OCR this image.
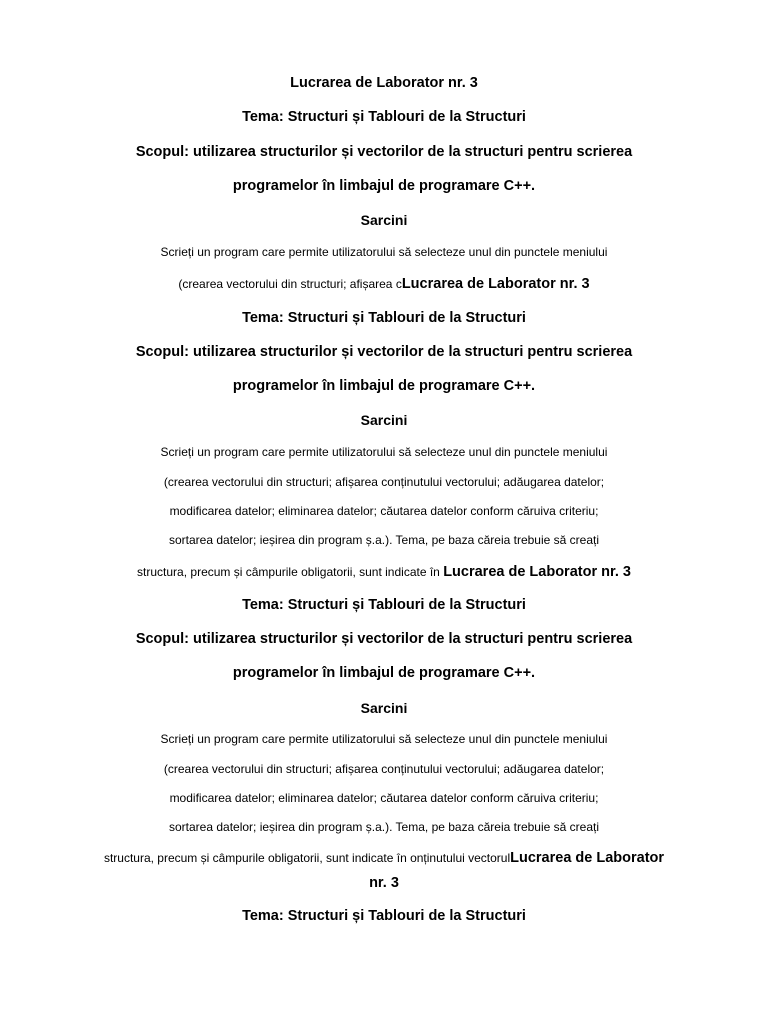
Lucrarea de Laborator nr. 3
Tema: Structuri și Tablouri de la Structuri
Scopul: utilizarea structurilor și vectorilor de la structuri pentru scrierea
programelor în limbajul de programare C++.
Sarcini
Scrieți un program care permite utilizatorului să selecteze unul din punctele meniului
(crearea vectorului din structuri; afișarea cLucrarea de Laborator nr. 3
Tema: Structuri și Tablouri de la Structuri
Scopul: utilizarea structurilor și vectorilor de la structuri pentru scrierea
programelor în limbajul de programare C++.
Sarcini
Scrieți un program care permite utilizatorului să selecteze unul din punctele meniului
(crearea vectorului din structuri; afișarea conținutului vectorului; adăugarea datelor;
modificarea datelor; eliminarea datelor; căutarea datelor conform căruiva criteriu;
sortarea datelor; ieșirea din program ș.a.). Tema, pe baza căreia trebuie să creați
structura, precum și câmpurile obligatorii, sunt indicate în Lucrarea de Laborator nr. 3
Tema: Structuri și Tablouri de la Structuri
Scopul: utilizarea structurilor și vectorilor de la structuri pentru scrierea
programelor în limbajul de programare C++.
Sarcini
Scrieți un program care permite utilizatorului să selecteze unul din punctele meniului
(crearea vectorului din structuri; afișarea conținutului vectorului; adăugarea datelor;
modificarea datelor; eliminarea datelor; căutarea datelor conform căruiva criteriu;
sortarea datelor; ieșirea din program ș.a.). Tema, pe baza căreia trebuie să creați
structura, precum și câmpurile obligatorii, sunt indicate în onținutului vectorulLucrarea de Laborator
nr. 3
Tema: Structuri și Tablouri de la Structuri
